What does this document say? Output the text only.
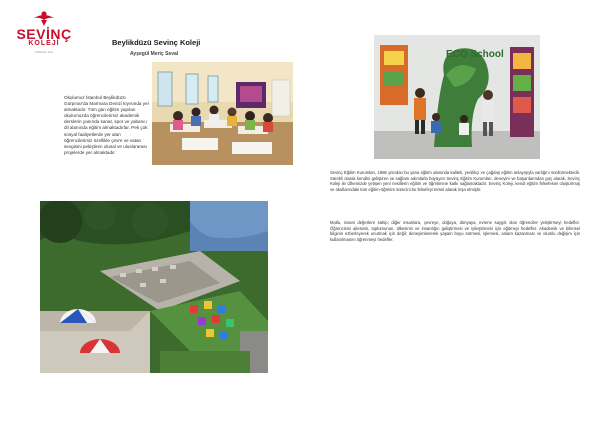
SEVİNÇ
KOLEJİ
1986'dan beri
Beylikdüzü Sevinç Koleji
Ayşegül Meriç Seval
Okulumuz İstanbul Beylikdüzü Gürpınar'da Marmara Denizi kıyısında yer almaktadır. Tüm gün eğitim yapılan okulumuzda öğrencilerimiz akademik derslerin yanında sanat, spor ve yabancı dil alanında eğitim almaktadırlar. Pek çok sosyal faaliyetlerde yer alan öğrencilerimiz özellikle çevre ve vatan sevgisini pekiştiren ulusal ve uluslararası projelerde yer almaktadır.
ECO School
Sevinç Eğitim Kurumları, 1986 yılından bu yana eğitim alanında kaliteli, yenilikçi ve çağdaş eğitim anlayışıyla varlığını sürdürmektedir. Sürekli olarak kendini geliştiren ve sağlam adımlarla büyüyen Sevinç Eğitim Kurumları, deneyim ve başarılarından güç alarak, Sevinç Koleji ile Ülkemizde yetişen yeni nesillerin eğitim ve öğretimine katkı sağlamaktadır. Sevinç Koleji, kendi eğitim felsefesini oluşturmuş ve okullarındaki tüm eğitim-öğretim sürecini bu felsefeyi temel alarak inşa etmiştir.
Mutlu, insani değerlere sahip; diğer insanlara, çevreye, doğaya, dünyaya, evrene saygılı olan öğrenciler yetiştirmeyi hedefler. Öğrencisini ailesinin, toplumunun, ülkesinin ve insanlığın geliştirmesi ve iyileştirmesi için eğitmeyi hedefler. Akademik ve bilimsel bilginin ezberleyerek unutmak için değil; deneyimlenerek yaşam boyu sürmesi, işlemesi, anlam kazanması ve olumlu değişim için kullanılmasını öğrenmeyi hedefler.
